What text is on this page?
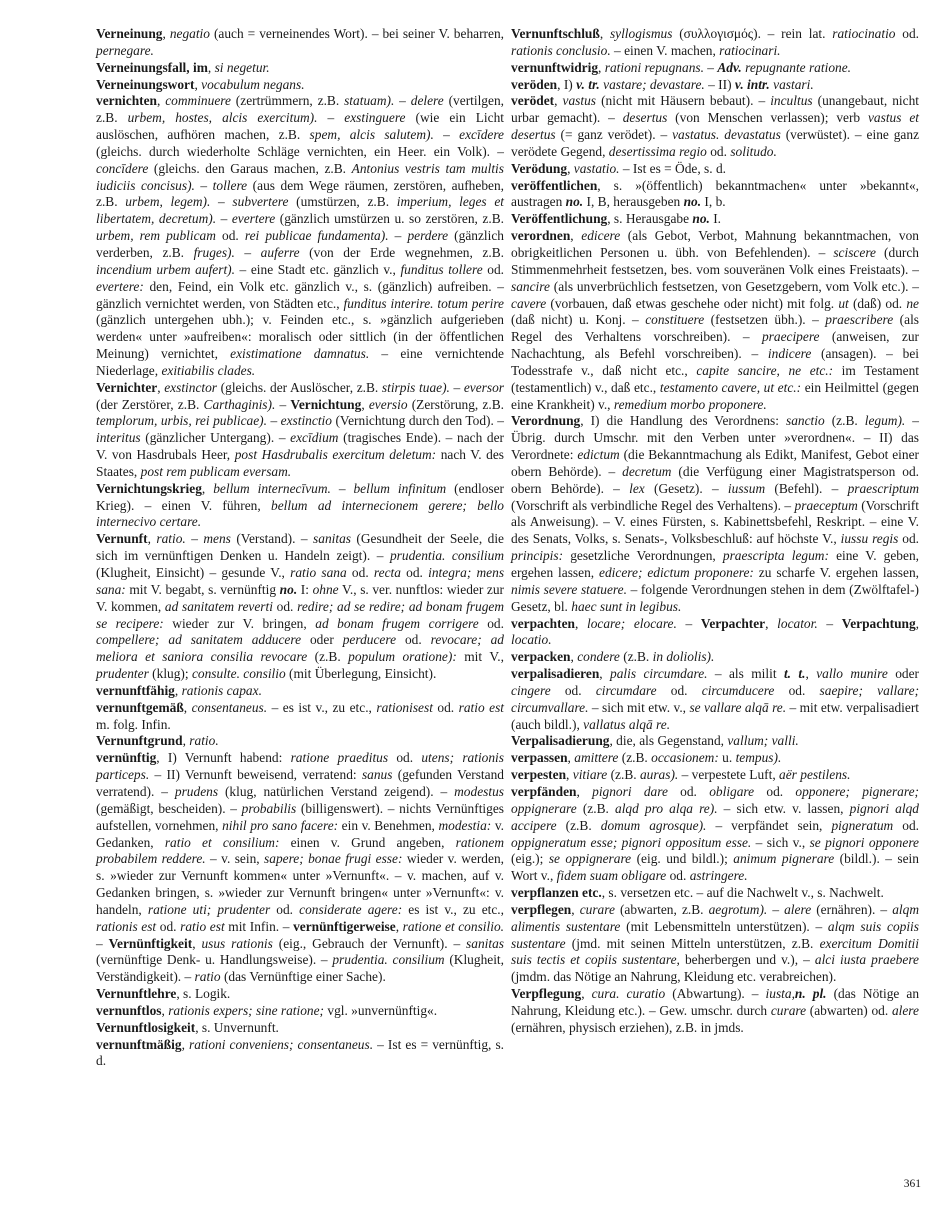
Verneinung, negatio (auch = verneinendes Wort). – bei seiner V. beharren, pernegare.

Verneinungsfall, im, si negetur.

Verneinungswort, vocabulum negans.

vernichten, comminuere (zertrümmern, z.B. statuam). – delere (vertilgen, z.B. urbem, hostes, alcis exercitum). – exstinguere (wie ein Licht auslöschen, aufhören machen, z.B. spem, alcis salutem). – excīdere (gleichs. durch wiederholte Schläge vernichten, ein Heer. ein Volk). – concīdere (gleichs. den Garaus machen, z.B. Antonius vestris tam multis iudiciis concisus). – tollere (aus dem Wege räumen, zerstören, aufheben, z.B. urbem, legem). – subvertere (umstürzen, z.B. imperium, leges et libertatem, decretum). – evertere (gänzlich umstürzen u. so zerstören, z.B. urbem, rem publicam od. rei publicae fundamenta). – perdere (gänzlich verderben, z.B. fruges). – auferre (von der Erde wegnehmen, z.B. incendium urbem aufert). – eine Stadt etc. gänzlich v., funditus tollere od. evertere: den, Feind, ein Volk etc. gänzlich v., s. (gänzlich) aufreiben. – gänzlich vernichtet werden, von Städten etc., funditus interire. totum perire (gänzlich untergehen ubh.); v. Feinden etc., s. »gänzlich aufgerieben werden« unter »aufreiben«: moralisch oder sittlich (in der öffentlichen Meinung) vernichtet, existimatione damnatus. – eine vernichtende Niederlage, exitiabilis clades.

Vernichter, exstinctor (gleichs. der Auslöscher, z.B. stirpis tuae). – eversor (der Zerstörer, z.B. Carthaginis). – Vernichtung, eversio (Zerstörung, z.B. templorum, urbis, rei publicae). – exstinctio (Vernichtung durch den Tod). – interitus (gänzlicher Untergang). – excīdium (tragisches Ende). – nach der V. von Hasdrubals Heer, post Hasdrubalis exercitum deletum: nach V. des Staates, post rem publicam eversam.

Vernichtungskrieg, bellum internecīvum. – bellum infinitum (endloser Krieg). – einen V. führen, bellum ad internecionem gerere; bello internecivo certare.

Vernunft, ratio. – mens (Verstand). – sanitas (Gesundheit der Seele, die sich im vernünftigen Denken u. Handeln zeigt). – prudentia. consilium (Klugheit, Einsicht) – gesunde V., ratio sana od. recta od. integra; mens sana: mit V. begabt, s. vernünftig no. I: ohne V., s. ver. nunftlos: wieder zur V. kommen, ad sanitatem reverti od. redire; ad se redire; ad bonam frugem se recipere: wieder zur V. bringen, ad bonam frugem corrigere od. compellere; ad sanitatem adducere oder perducere od. revocare; ad meliora et saniora consilia revocare (z.B. populum oratione): mit V., prudenter (klug); consulte. consilio (mit Überlegung, Einsicht).

vernunftfähig, rationis capax.

vernunftgemäß, consentaneus. – es ist v., zu etc., rationisest od. ratio est m. folg. Infin.

Vernunftgrund, ratio.

vernünftig, I) Vernunft habend: ratione praeditus od. utens; rationis particeps. – II) Vernunft beweisend, verratend: sanus (gefunden Verstand verratend). – prudens (klug, natürlichen Verstand zeigend). – modestus (gemäßigt, bescheiden). – probabilis (billigenswert). – nichts Vernünftiges aufstellen, vornehmen, nihil pro sano facere: ein v. Benehmen, modestia: v. Gedanken, ratio et consilium: einen v. Grund angeben, rationem probabilem reddere. – v. sein, sapere; bonae frugi esse: wieder v. werden, s. »wieder zur Vernunft kommen« unter »Vernunft«. – v. machen, auf v. Gedanken bringen, s. »wieder zur Vernunft bringen« unter »Vernunft«: v. handeln, ratione uti; prudenter od. considerate agere: es ist v., zu etc., rationis est od. ratio est mit Infin. – vernünftigerweise, ratione et consilio. – Vernünftigkeit, usus rationis (eig., Gebrauch der Vernunft). – sanitas (vernünftige Denk- u. Handlungsweise). – prudentia. consilium (Klugheit, Verständigkeit). – ratio (das Vernünftige einer Sache).

Vernunftlehre, s. Logik.

vernunftlos, rationis expers; sine ratione; vgl. »unvernünftig«.

Vernunftlosigkeit, s. Unvernunft.

vernunftmäßig, rationi conveniens; consentaneus. – Ist es = vernünftig, s. d.

Vernunftschluß, syllogismus (συλλογισμός). – rein lat. ratiocinatio od. rationis conclusio. – einen V. machen, ratiocinari.

vernunftwidrig, rationi repugnans. – Adv. repugnante ratione.

veröden, I) v. tr. vastare; devastare. – II) v. intr. vastari.

verödet, vastus (nicht mit Häusern bebaut). – incultus (unangebaut, nicht urbar gemacht). – desertus (von Menschen verlassen); verb vastus et desertus (= ganz verödet). – vastatus. devastatus (verwüstet). – eine ganz verödete Gegend, desertissima regio od. solitudo.

Verödung, vastatio. – Ist es = Öde, s. d.

veröffentlichen, s. »(öffentlich) bekanntmachen« unter »bekannt«, austragen no. I, B, herausgeben no. I, b.

Veröffentlichung, s. Herausgabe no. I.

verordnen, edicere (als Gebot, Verbot, Mahnung bekanntmachen, von obrigkeitlichen Personen u. übh. von Befehlenden). – sciscere (durch Stimmenmehrheit festsetzen, bes. vom souveränen Volk eines Freistaats). – sancire (als unverbrüchlich festsetzen, von Gesetzgebern, vom Volk etc.). – cavere (vorbauen, daß etwas geschehe oder nicht) mit folg. ut (daß) od. ne (daß nicht) u. Konj. – constituere (festsetzen übh.). – praescribere (als Regel des Verhaltens vorschreiben). – praecipere (anweisen, zur Nachachtung, als Befehl vorschreiben). – indicere (ansagen). – bei Todesstrafe v., daß nicht etc., capite sancire, ne etc.: im Testament (testamentlich) v., daß etc., testamento cavere, ut etc.: ein Heilmittel (gegen eine Krankheit) v., remedium morbo proponere.

Verordnung, I) die Handlung des Verordnens: sanctio (z.B. legum). – Übrig. durch Umschr. mit den Verben unter »verordnen«. – II) das Verordnete: edictum (die Bekanntmachung als Edikt, Manifest, Gebot einer obern Behörde). – decretum (die Verfügung einer Magistratsperson od. obern Behörde). – lex (Gesetz). – iussum (Befehl). – praescriptum (Vorschrift als verbindliche Regel des Verhaltens). – praeceptum (Vorschrift als Anweisung). – V. eines Fürsten, s. Kabinettsbefehl, Reskript. – eine V. des Senats, Volks, s. Senats-, Volksbeschluß: auf höchste V., iussu regis od. principis: gesetzliche Verordnungen, praescripta legum: eine V. geben, ergehen lassen, edicere; edictum proponere: zu scharfe V. ergehen lassen, nimis severe statuere. – folgende Verordnungen stehen in dem (Zwölftafel-) Gesetz, bl. haec sunt in legibus.

verpachten, locare; elocare. – Verpachter, locator. – Verpachtung, locatio.

verpacken, condere (z.B. in doliolis).

verpalisadieren, palis circumdare. – als milit t. t., vallo munire oder cingere od. circumdare od. circumducere od. saepire; vallare; circumvallare. – sich mit etw. v., se vallare alqā re. – mit etw. verpalisadiert (auch bildl.), vallatus alqā re.

Verpalisadierung, die, als Gegenstand, vallum; valli.

verpassen, amittere (z.B. occasionem: u. tempus).

verpesten, vitiare (z.B. auras). – verpestete Luft, aër pestilens.

verpfänden, pignori dare od. obligare od. opponere; pignerare; oppignerare (z.B. alqd pro alqa re). – sich etw. v. lassen, pignori alqd accipere (z.B. domum agrosque). – verpfändet sein, pigneratum od. oppigneratum esse; pignori oppositum esse. – sich v., se pignori opponere (eig.); se oppignerare (eig. und bildl.); animum pignerare (bildl.). – sein Wort v., fidem suam obligare od. astringere.

verpflanzen etc., s. versetzen etc. – auf die Nachwelt v., s. Nachwelt.

verpflegen, curare (abwarten, z.B. aegrotum). – alere (ernähren). – alqm alimentis sustentare (mit Lebensmitteln unterstützen). – alqm suis copiis sustentare (jmd. mit seinen Mitteln unterstützen, z.B. exercitum Domitii suis tectis et copiis sustentare, beherbergen und v.), – alci iusta praebere (jmdm. das Nötige an Nahrung, Kleidung etc. verabreichen).

Verpflegung, cura. curatio (Abwartung). – iusta,n. pl. (das Nötige an Nahrung, Kleidung etc.). – Gew. umschr. durch curare (abwarten) od. alere (ernähren, physisch erziehen), z.B. in jmds.

361
